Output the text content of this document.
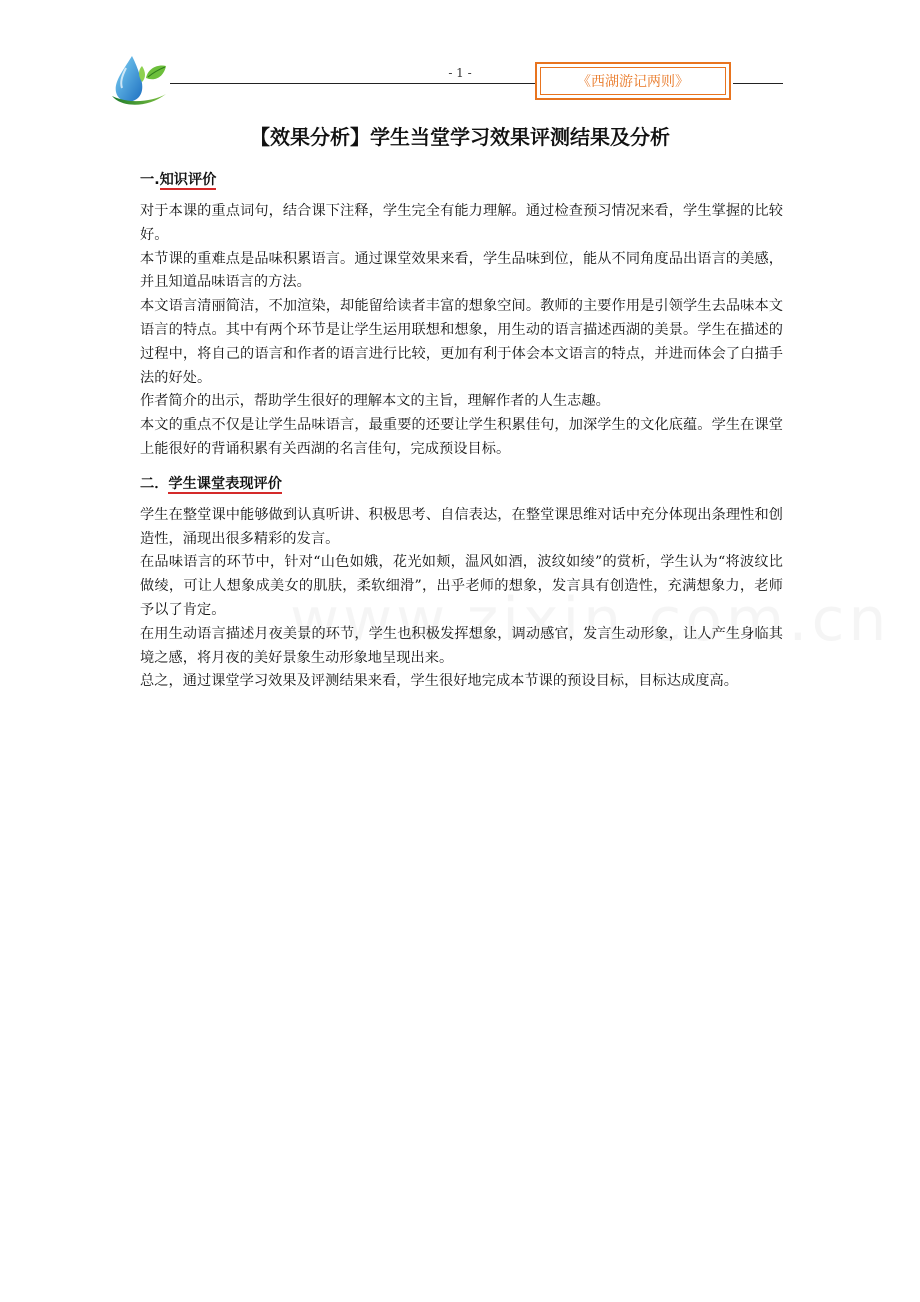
- 1 -
《西湖游记两则》
【效果分析】学生当堂学习效果评测结果及分析
一.知识评价

对于本课的重点词句，结合课下注释，学生完全有能力理解。通过检查预习情况来看，学生掌握的比较好。

本节课的重难点是品味积累语言。通过课堂效果来看，学生品味到位，能从不同角度品出语言的美感，并且知道品味语言的方法。

本文语言清丽简洁，不加渲染，却能留给读者丰富的想象空间。教师的主要作用是引领学生去品味本文语言的特点。其中有两个环节是让学生运用联想和想象，用生动的语言描述西湖的美景。学生在描述的过程中，将自己的语言和作者的语言进行比较，更加有利于体会本文语言的特点，并进而体会了白描手法的好处。

作者简介的出示，帮助学生很好的理解本文的主旨，理解作者的人生志趣。

本文的重点不仅是让学生品味语言，最重要的还要让学生积累佳句，加深学生的文化底蕴。学生在课堂上能很好的背诵积累有关西湖的名言佳句，完成预设目标。

二．学生课堂表现评价

学生在整堂课中能够做到认真听讲、积极思考、自信表达，在整堂课思维对话中充分体现出条理性和创造性，涌现出很多精彩的发言。

在品味语言的环节中，针对“山色如娥，花光如颊，温风如酒，波纹如绫”的赏析，学生认为“将波纹比做绫，可让人想象成美女的肌肤，柔软细滑”，出乎老师的想象，发言具有创造性，充满想象力，老师予以了肯定。

在用生动语言描述月夜美景的环节，学生也积极发挥想象，调动感官，发言生动形象，让人产生身临其境之感，将月夜的美好景象生动形象地呈现出来。

总之，通过课堂学习效果及评测结果来看，学生很好地完成本节课的预设目标，目标达成度高。
